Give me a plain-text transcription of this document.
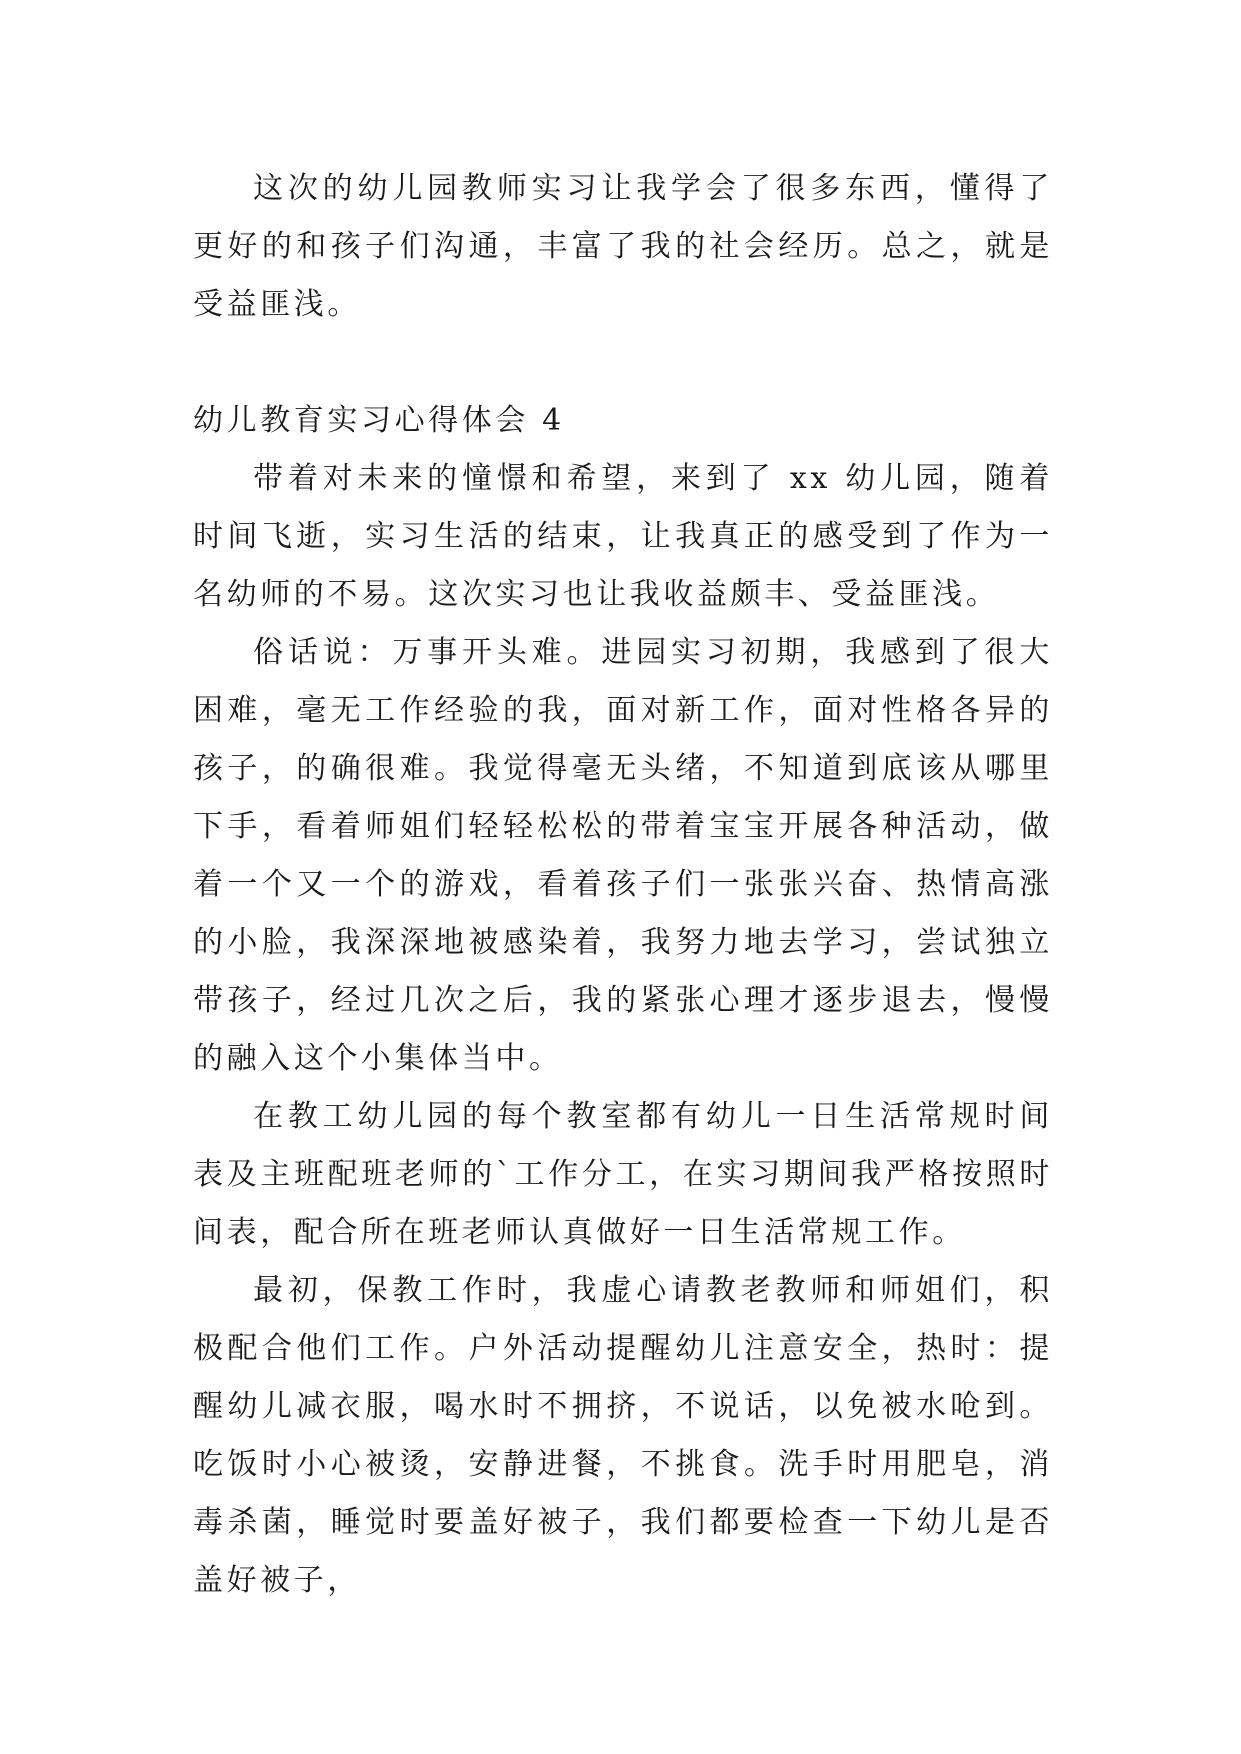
这次的幼儿园教师实习让我学会了很多东西，懂得了更好的和孩子们沟通，丰富了我的社会经历。总之，就是受益匪浅。

幼儿教育实习心得体会 4

带着对未来的憧憬和希望，来到了 xx 幼儿园，随着时间飞逝，实习生活的结束，让我真正的感受到了作为一名幼师的不易。这次实习也让我收益颇丰、受益匪浅。

俗话说：万事开头难。进园实习初期，我感到了很大困难，毫无工作经验的我，面对新工作，面对性格各异的孩子，的确很难。我觉得毫无头绪，不知道到底该从哪里下手，看着师姐们轻轻松松的带着宝宝开展各种活动，做着一个又一个的游戏，看着孩子们一张张兴奋、热情高涨的小脸，我深深地被感染着，我努力地去学习，尝试独立带孩子，经过几次之后，我的紧张心理才逐步退去，慢慢的融入这个小集体当中。

在教工幼儿园的每个教室都有幼儿一日生活常规时间表及主班配班老师的`工作分工，在实习期间我严格按照时间表，配合所在班老师认真做好一日生活常规工作。

最初，保教工作时，我虚心请教老教师和师姐们，积极配合他们工作。户外活动提醒幼儿注意安全，热时：提醒幼儿减衣服，喝水时不拥挤，不说话，以免被水呛到。吃饭时小心被烫，安静进餐，不挑食。洗手时用肥皂，消毒杀菌，睡觉时要盖好被子，我们都要检查一下幼儿是否盖好被子，
